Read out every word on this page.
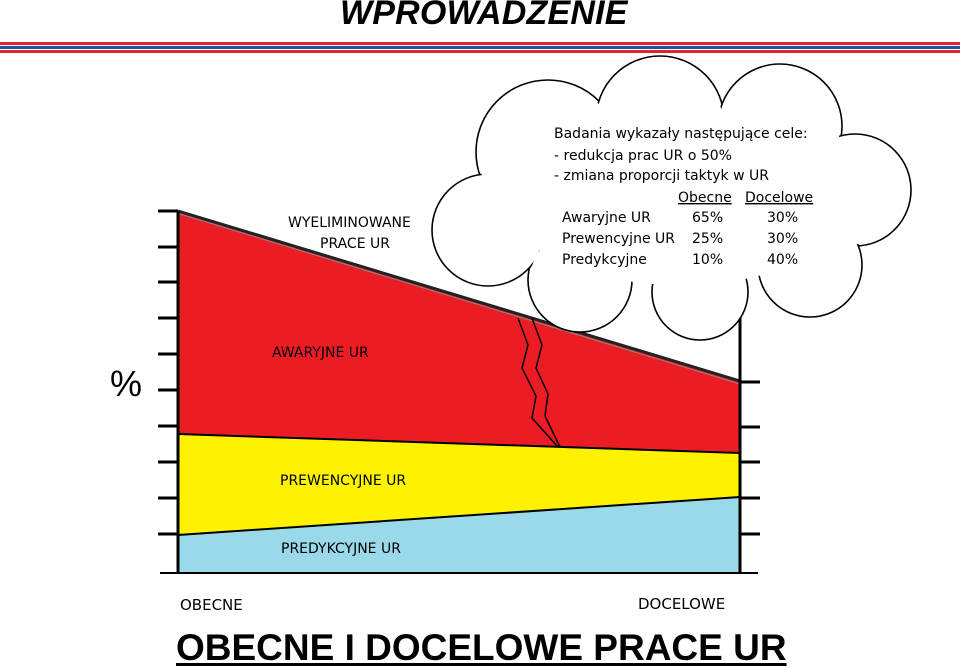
WPROWADZENIE
%
WYELIMINOWANE
PRACE UR
AWARYJNE UR
PREWENCYJNE UR
PREDYKCYJNE UR
OBECNE	DOCELOWE
Badania wykazały następujące cele:
- redukcja prac UR o 50%
- zmiana proporcji taktyk w UR
Obecne Docelowe
Awaryjne UR	65%	30%
Prewencyjne UR 25%	30%
Predykcyjne	10%	40%
OBECNE I DOCELOWE PRACE UR
